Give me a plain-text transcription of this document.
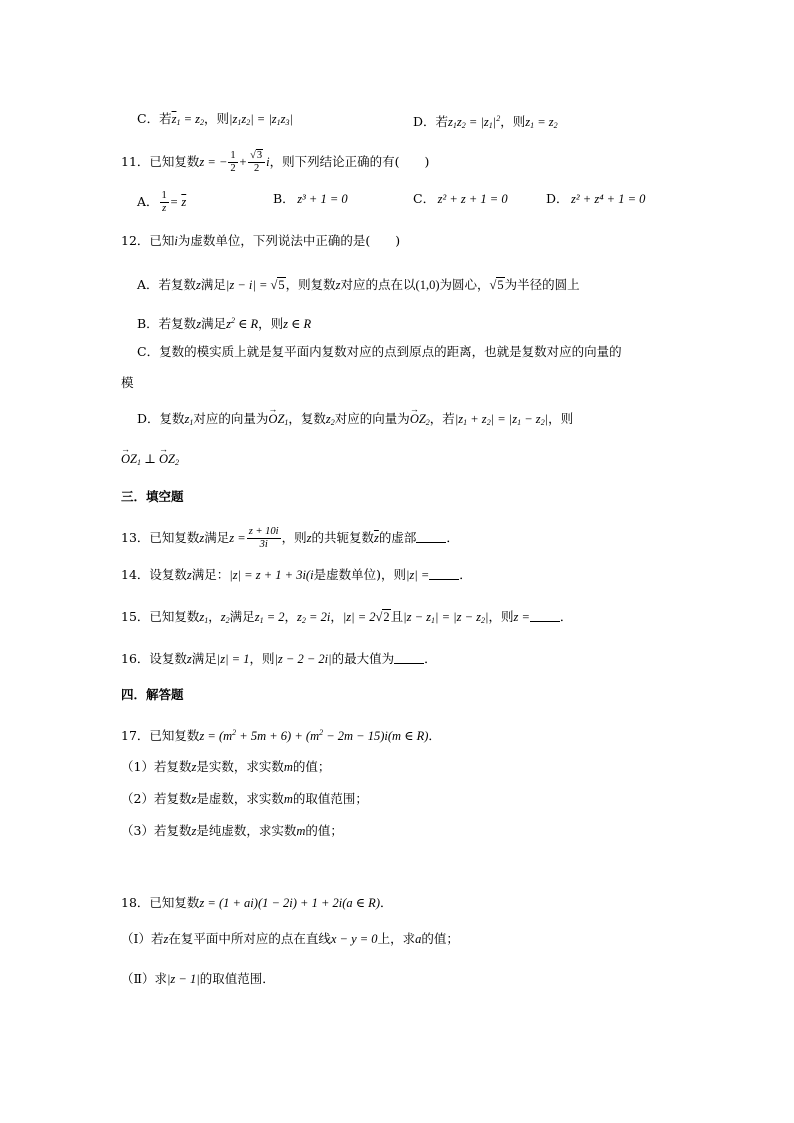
C．若$\overline{z}_1 = z_2$，则$|z_1z_2| = |z_1z_3|$	D．若$z_1z_2 = |z_1|^2$，则$z_1 = z_2$
11．已知复数z = − $\frac{1}{2} + \frac{√3}{2}$ i，则下列结论正确的有(　　)
A． $\frac{1}{z} = \overline{z}$	B．  z³ + 1 = 0	C．  z² + z + 1 = 0	D．  z² + z⁴ + 1 = 0
12．已知i为虚数单位，下列说法中正确的是(　　)
A．若复数z满足|z − i| = √5，则复数z对应的点在以(1,0)为圆心，√5为半径的圆上
B．若复数z满足$z^2$ ∈ R，则z ∈ R
C．复数的模实质上就是复平面内复数对应的点到原点的距离，也就是复数对应的向量的
模
D．复数$z_1$对应的向量为→ $OZ_1$，复数$z_2$对应的向量为→ $OZ_2$，若$|z_1 + z_2| = |z_1 - z_2|$，则
→ $OZ_1$ ⊥ → $OZ_2$
三．填空题
13．已知复数z满足$z = \frac{z + 10i}{3i}$ ，则z的共轭复数$\overline{z}$的虚部 ．
14．设复数z满足：|z| = z + 1 + 3i(i是虚数单位)，则|z| = ．
15．已知复数$z_1$，$z_2$满足$z_1 = 2$，$z_2 = 2i$，|z| = 2√2且$|z - z_1| = |z - z_2|$，则z = ．
16．设复数z满足|z| = 1，则|z − 2 − 2i|的最大值为 ．
四．解答题
17．已知复数$z = (m^2 + 5m + 6) + (m^2 - 2m - 15)i(m$ ∈ R)．
（1）若复数z是实数，求实数m的值；
（2）若复数z是虚数，求实数m的取值范围；
（3）若复数z是纯虚数，求实数m的值；
18．已知复数z = (1 + ai)(1 − 2i) + 1 + 2i(a ∈ R)．
（Ⅰ）若z在复平面中所对应的点在直线x − y = 0上，求a的值；
（Ⅱ）求|z − 1|的取值范围．
